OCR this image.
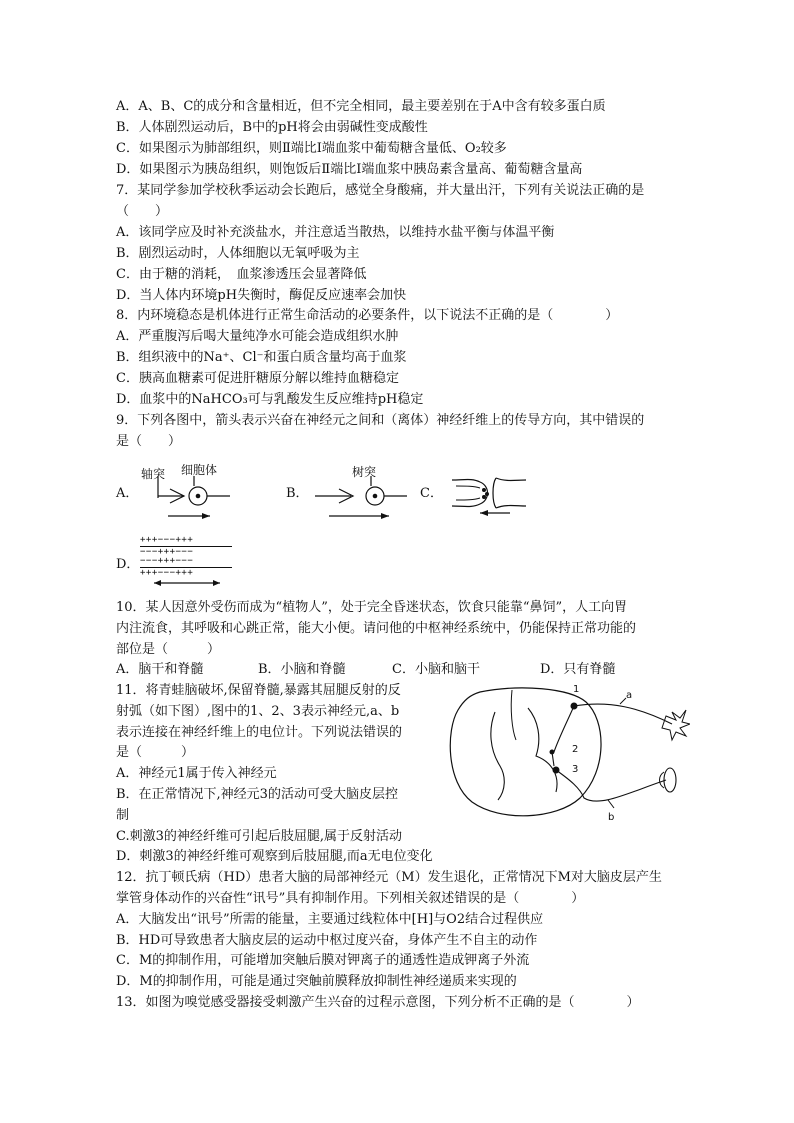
A．A、B、C的成分和含量相近，但不完全相同，最主要差别在于A中含有较多蛋白质
B．人体剧烈运动后，B中的pH将会由弱碱性变成酸性
C．如果图示为肺部组织，则Ⅱ端比Ⅰ端血浆中葡萄糖含量低、O₂较多
D．如果图示为胰岛组织，则饱饭后Ⅱ端比Ⅰ端血浆中胰岛素含量高、葡萄糖含量高
7．某同学参加学校秋季运动会长跑后，感觉全身酸痛，并大量出汗，下列有关说法正确的是
（　　）
A．该同学应及时补充淡盐水，并注意适当散热，以维持水盐平衡与体温平衡
B．剧烈运动时，人体细胞以无氧呼吸为主
C．由于糖的消耗，　血浆渗透压会显著降低
D．当人体内环境pH失衡时，酶促反应速率会加快
8．内环境稳态是机体进行正常生命活动的必要条件，以下说法不正确的是（　　　　）
A．严重腹泻后喝大量纯净水可能会造成组织水肿
B．组织液中的Na⁺、Cl⁻和蛋白质含量均高于血浆
C．胰高血糖素可促进肝糖原分解以维持血糖稳定
D．血浆中的NaHCO₃可与乳酸发生反应维持pH稳定
9．下列各图中，箭头表示兴奋在神经元之间和（离体）神经纤维上的传导方向，其中错误的
是（　　）
A．
轴突 细胞体
B．
树突
C．
D．
+++−−−+++
−−−+++−−−
−−−+++−−−
+++−−−+++
10．某人因意外受伤而成为“植物人”，处于完全昏迷状态，饮食只能靠“鼻饲”，人工向胃
内注流食，其呼吸和心跳正常，能大小便。请问他的中枢神经系统中，仍能保持正常功能的
部位是（　　　）
A．脑干和脊髓	B．小脑和脊髓	C．小脑和脑干	D．只有脊髓
11．将青蛙脑破坏,保留脊髓,暴露其屈腿反射的反
射弧（如下图）,图中的1、2、3表示神经元,a、b
表示连接在神经纤维上的电位计。下列说法错误的
是（　　　）
A．神经元1属于传入神经元
B．在正常情况下,神经元3的活动可受大脑皮层控
制
C.刺激3的神经纤维可引起后肢屈腿,属于反射活动
D．刺激3的神经纤维可观察到后肢屈腿,而a无电位变化
1
a
2
3
b
12．抗丁顿氏病（HD）患者大脑的局部神经元（M）发生退化，正常情况下M对大脑皮层产生
掌管身体动作的兴奋性“讯号”具有抑制作用。下列相关叙述错误的是（　　　　）
A．大脑发出“讯号”所需的能量，主要通过线粒体中[H]与O2结合过程供应
B．HD可导致患者大脑皮层的运动中枢过度兴奋，身体产生不自主的动作
C．M的抑制作用，可能增加突触后膜对钾离子的通透性造成钾离子外流
D．M的抑制作用，可能是通过突触前膜释放抑制性神经递质来实现的
13．如图为嗅觉感受器接受刺激产生兴奋的过程示意图，下列分析不正确的是（　　　　）
